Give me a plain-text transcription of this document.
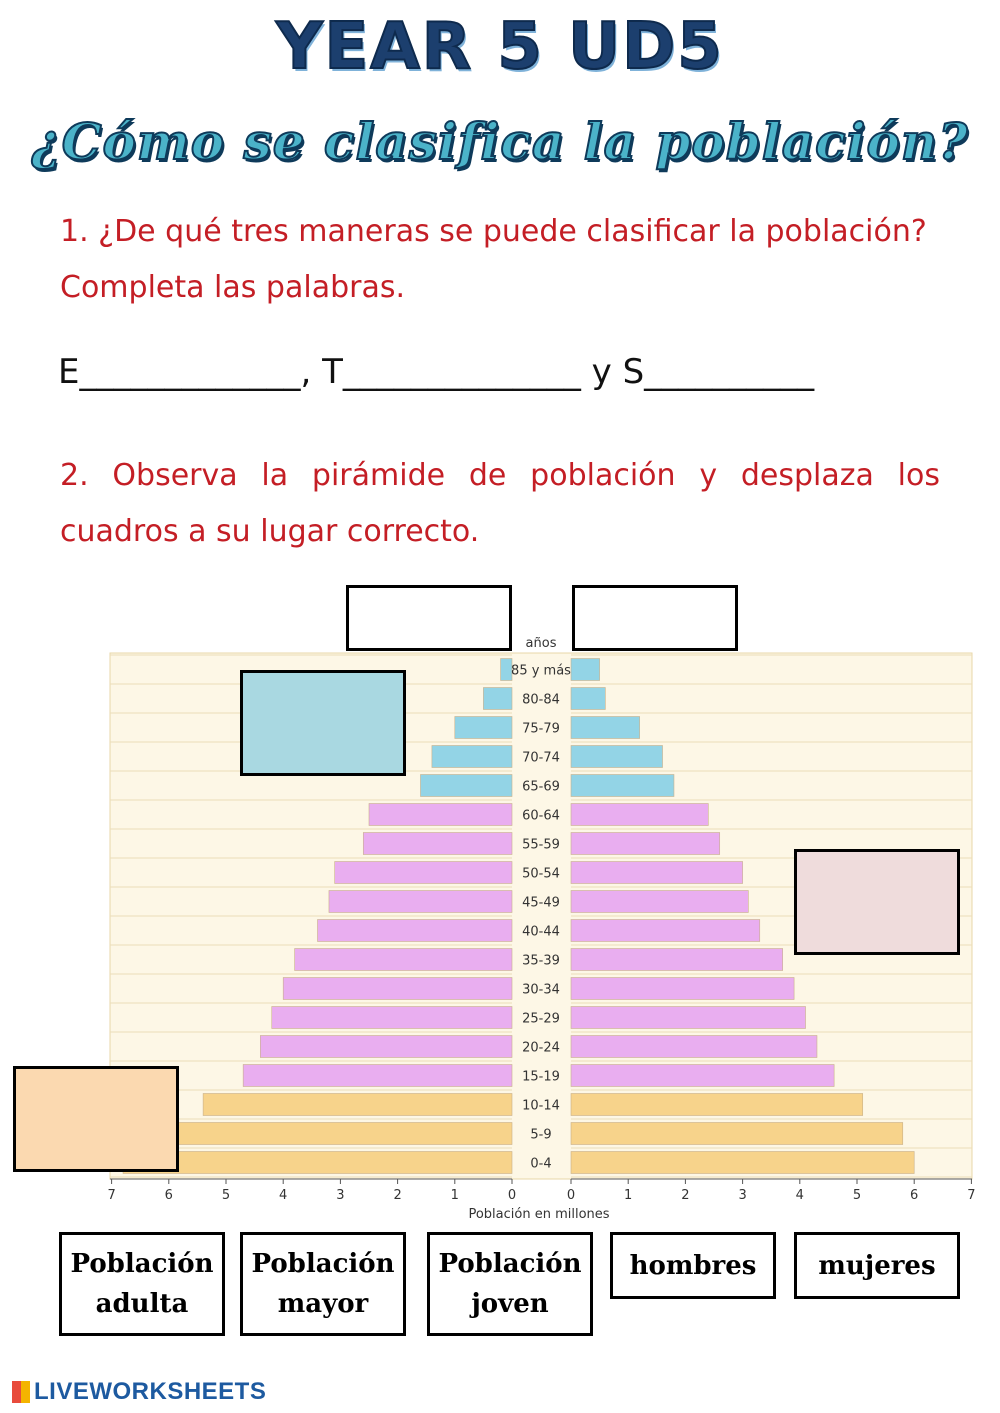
YEAR 5 UD5
¿Cómo se clasifica la población?
1. ¿De qué tres maneras se puede clasificar la población? Completa las palabras.
E_____________, T______________ y S__________
2. Observa la pirámide de población y desplaza los cuadros a su lugar correcto.
0-4
5-9
10-14
15-19
20-24
25-29
30-34
35-39
40-44
45-49
50-54
55-59
60-64
65-69
70-74
75-79
80-84
85 y más
años
0	0
1	1
2	2
3	3
4	4
5	5
6	6
7	7
Población en millones
Población adulta
Población mayor
Población joven
hombres	mujeres
LIVEWORKSHEETS
